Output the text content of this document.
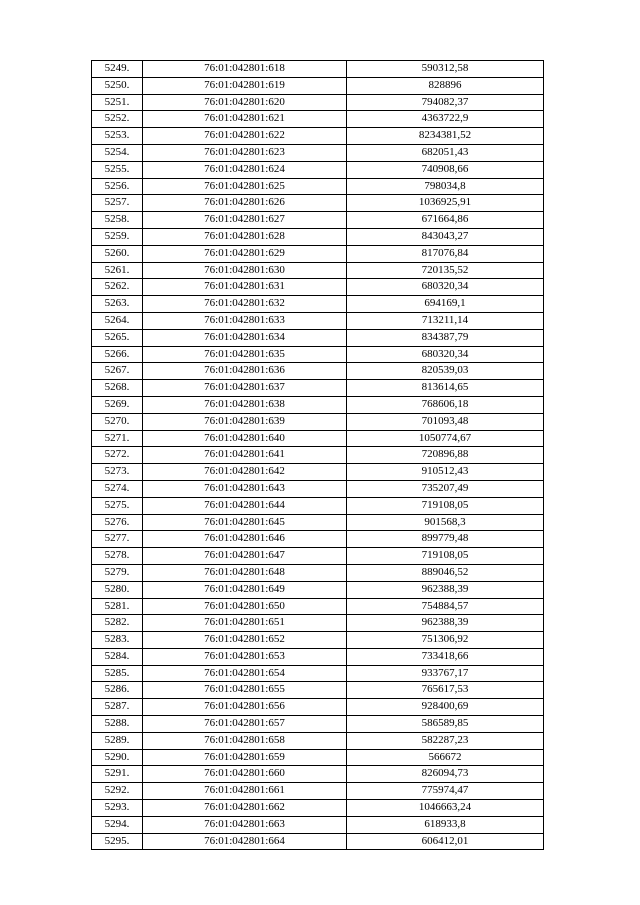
5249.	76:01:042801:618	590312,58
5250.	76:01:042801:619	828896
5251.	76:01:042801:620	794082,37
5252.	76:01:042801:621	4363722,9
5253.	76:01:042801:622	8234381,52
5254.	76:01:042801:623	682051,43
5255.	76:01:042801:624	740908,66
5256.	76:01:042801:625	798034,8
5257.	76:01:042801:626	1036925,91
5258.	76:01:042801:627	671664,86
5259.	76:01:042801:628	843043,27
5260.	76:01:042801:629	817076,84
5261.	76:01:042801:630	720135,52
5262.	76:01:042801:631	680320,34
5263.	76:01:042801:632	694169,1
5264.	76:01:042801:633	713211,14
5265.	76:01:042801:634	834387,79
5266.	76:01:042801:635	680320,34
5267.	76:01:042801:636	820539,03
5268.	76:01:042801:637	813614,65
5269.	76:01:042801:638	768606,18
5270.	76:01:042801:639	701093,48
5271.	76:01:042801:640	1050774,67
5272.	76:01:042801:641	720896,88
5273.	76:01:042801:642	910512,43
5274.	76:01:042801:643	735207,49
5275.	76:01:042801:644	719108,05
5276.	76:01:042801:645	901568,3
5277.	76:01:042801:646	899779,48
5278.	76:01:042801:647	719108,05
5279.	76:01:042801:648	889046,52
5280.	76:01:042801:649	962388,39
5281.	76:01:042801:650	754884,57
5282.	76:01:042801:651	962388,39
5283.	76:01:042801:652	751306,92
5284.	76:01:042801:653	733418,66
5285.	76:01:042801:654	933767,17
5286.	76:01:042801:655	765617,53
5287.	76:01:042801:656	928400,69
5288.	76:01:042801:657	586589,85
5289.	76:01:042801:658	582287,23
5290.	76:01:042801:659	566672
5291.	76:01:042801:660	826094,73
5292.	76:01:042801:661	775974,47
5293.	76:01:042801:662	1046663,24
5294.	76:01:042801:663	618933,8
5295.	76:01:042801:664	606412,01
